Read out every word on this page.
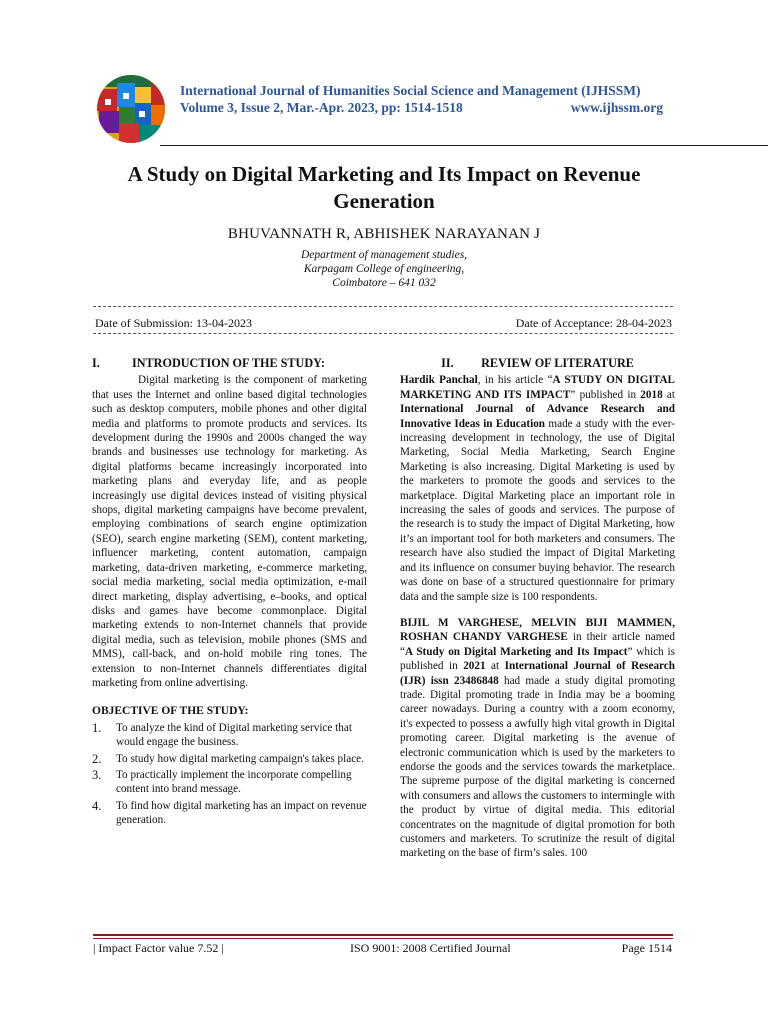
International Journal of Humanities Social Science and Management (IJHSSM)
Volume 3, Issue 2, Mar.-Apr. 2023, pp: 1514-1518	www.ijhssm.org
A Study on Digital Marketing and Its Impact on Revenue Generation
BHUVANNATH R, ABHISHEK NARAYANAN J
Department of management studies,
Karpagam College of engineering,
Coimbatore – 641 032
Date of Submission: 13-04-2023	Date of Acceptance: 28-04-2023
I.	INTRODUCTION OF THE STUDY:

Digital marketing is the component of marketing that uses the Internet and online based digital technologies such as desktop computers, mobile phones and other digital media and platforms to promote products and services. Its development during the 1990s and 2000s changed the way brands and businesses use technology for marketing. As digital platforms became increasingly incorporated into marketing plans and everyday life, and as people increasingly use digital devices instead of visiting physical shops, digital marketing campaigns have become prevalent, employing combinations of search engine optimization (SEO), search engine marketing (SEM), content marketing, influencer marketing, content automation, campaign marketing, data-driven marketing, e-commerce marketing, social media marketing, social media optimization, e-mail direct marketing, display advertising, e–books, and optical disks and games have become commonplace. Digital marketing extends to non-Internet channels that provide digital media, such as television, mobile phones (SMS and MMS), call-back, and on-hold mobile ring tones. The extension to non-Internet channels differentiates digital marketing from online advertising.

OBJECTIVE OF THE STUDY:
1.	To analyze the kind of Digital marketing service that would engage the business.
2.	To study how digital marketing campaign's takes place.
3.	To practically implement the incorporate compelling content into brand message.
4.	To find how digital marketing has an impact on revenue generation.
II.	REVIEW OF LITERATURE

Hardik Panchal, in his article “A STUDY ON DIGITAL MARKETING AND ITS IMPACT” published in 2018 at International Journal of Advance Research and Innovative Ideas in Education made a study with the ever-increasing development in technology, the use of Digital Marketing, Social Media Marketing, Search Engine Marketing is also increasing. Digital Marketing is used by the marketers to promote the goods and services to the marketplace. Digital Marketing place an important role in increasing the sales of goods and services. The purpose of the research is to study the impact of Digital Marketing, how it’s an important tool for both marketers and consumers. The research have also studied the impact of Digital Marketing and its influence on consumer buying behavior. The research was done on base of a structured questionnaire for primary data and the sample size is 100 respondents.

BIJIL M VARGHESE, MELVIN BIJI MAMMEN, ROSHAN CHANDY VARGHESE in their article named “A Study on Digital Marketing and Its Impact” which is published in 2021 at International Journal of Research (IJR) issn 23486848 had made a study digital promoting trade. Digital promoting trade in India may be a booming career nowadays. During a country with a zoom economy, it's expected to possess a awfully high vital growth in Digital promoting career. Digital marketing is the avenue of electronic communication which is used by the marketers to endorse the goods and the services towards the marketplace. The supreme purpose of the digital marketing is concerned with consumers and allows the customers to intermingle with the product by virtue of digital media. This editorial concentrates on the magnitude of digital promotion for both customers and marketers. To scrutinize the result of digital marketing on the base of firm’s sales. 100

| Impact Factor value 7.52 |	ISO 9001: 2008 Certified Journal	Page 1514
